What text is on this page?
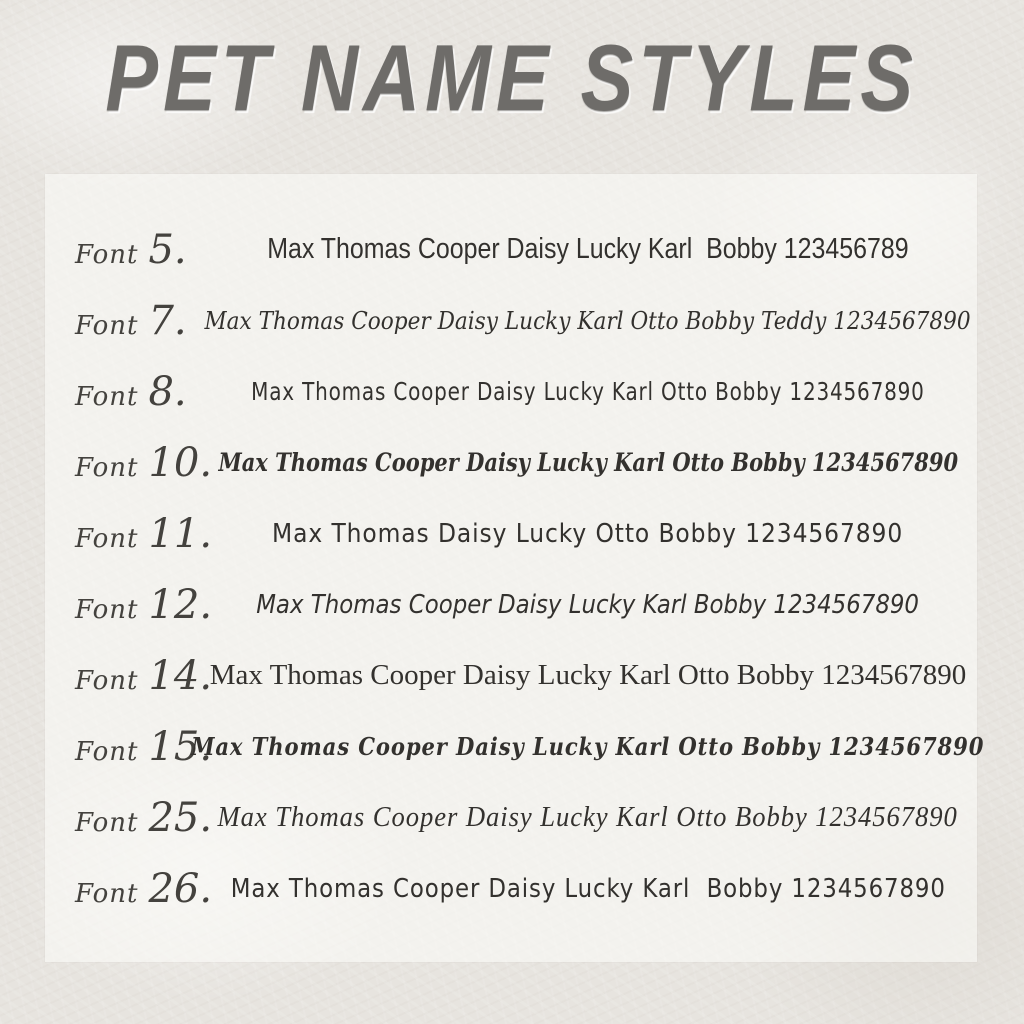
PET NAME STYLES
Font 5.	Max Thomas Cooper Daisy Lucky Karl  Bobby 123456789
Font 7. Max Thomas Cooper Daisy Lucky Karl Otto Bobby Teddy 1234567890
Font 8.	Max Thomas Cooper Daisy Lucky Karl Otto Bobby 1234567890
Font 10. Max Thomas Cooper Daisy Lucky Karl Otto Bobby 1234567890
Font 11. Max Thomas Daisy Lucky Otto Bobby 1234567890
Font 12. Max Thomas Cooper Daisy Lucky Karl Bobby 1234567890
Font 14.
Max Thomas Cooper Daisy Lucky Karl Otto Bobby 1234567890
Font 15.
Max Thomas Cooper Daisy Lucky Karl Otto Bobby 1234567890
Font 25. Max Thomas Cooper Daisy Lucky Karl Otto Bobby 1234567890
Font 26. Max Thomas Cooper Daisy Lucky Karl  Bobby 1234567890
